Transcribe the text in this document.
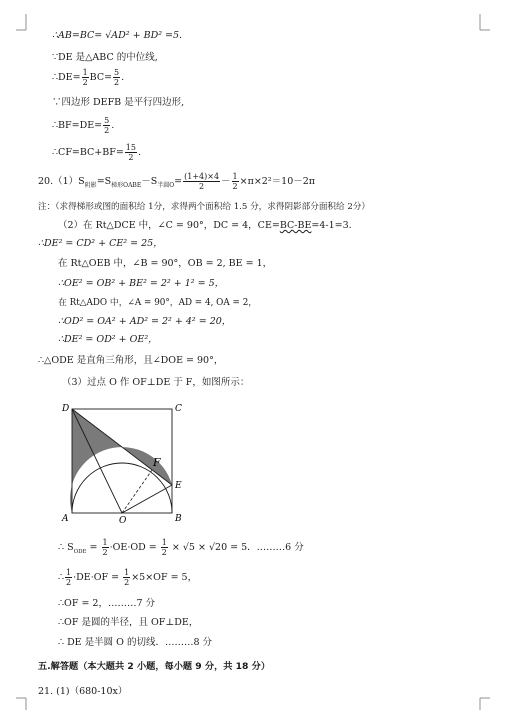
∴AB=BC= √AD² + BD² =5.
∵DE 是△ABC 的中位线,
∴DE= $\frac{1}{2} BC= \frac{5}{2}$ .
∵四边形 DEFB 是平行四边形,
∴BF=DE= $\frac{5}{2}$ .
∴CF=BC+BF= $\frac{15}{2}$ .
$20.(1)S_{阴影}=S_{梯形OABE}-S_{半圆O}= \frac{(1+4)\times 4}{2} - \frac{1}{2} \times\pi\times 2^2=10-2\pi$
注：（求得梯形或图的面积给 1分，求得两个面积给 1.5 分，求得阴影部分面积给 2分）
（2）在 Rt△DCE 中，∠C = 90°，DC = 4，CE=BC-BE=4-1=3.
∴DE² = CD² + CE² = 25，
在 Rt△OEB 中，∠B = 90°，OB = 2, BE = 1，
∴OE² = OB² + BE² = 2² + 1² = 5，
在 Rt△ADO 中，∠A = 90°，AD = 4, OA = 2，
∴OD² = OA² + AD² = 2² + 4² = 20，
∴DE² = OD² + OE²，
∴△ODE 是直角三角形，且∠DOE = 90°，
（3）过点 O 作 OF⊥DE 于 F，如图所示：
D	C
A	O	B
E
F
∴ $S_{ODE} = \frac{1}{2} \cdot OE\cdot OD = \frac{1}{2} \times √5 \times √20 = 5$．………6 分
∴ $\frac{1}{2} \cdot DE\cdot OF = \frac{1}{2} \times 5\times OF = 5$，
∴OF = 2，………7 分
∴OF 是圆的半径，且 OF⊥DE，
∴ DE 是半圆 O 的切线．………8 分
五.解答题（本大题共 2 小题，每小题 9 分，共 18 分）
21. (1)（680-10x）
